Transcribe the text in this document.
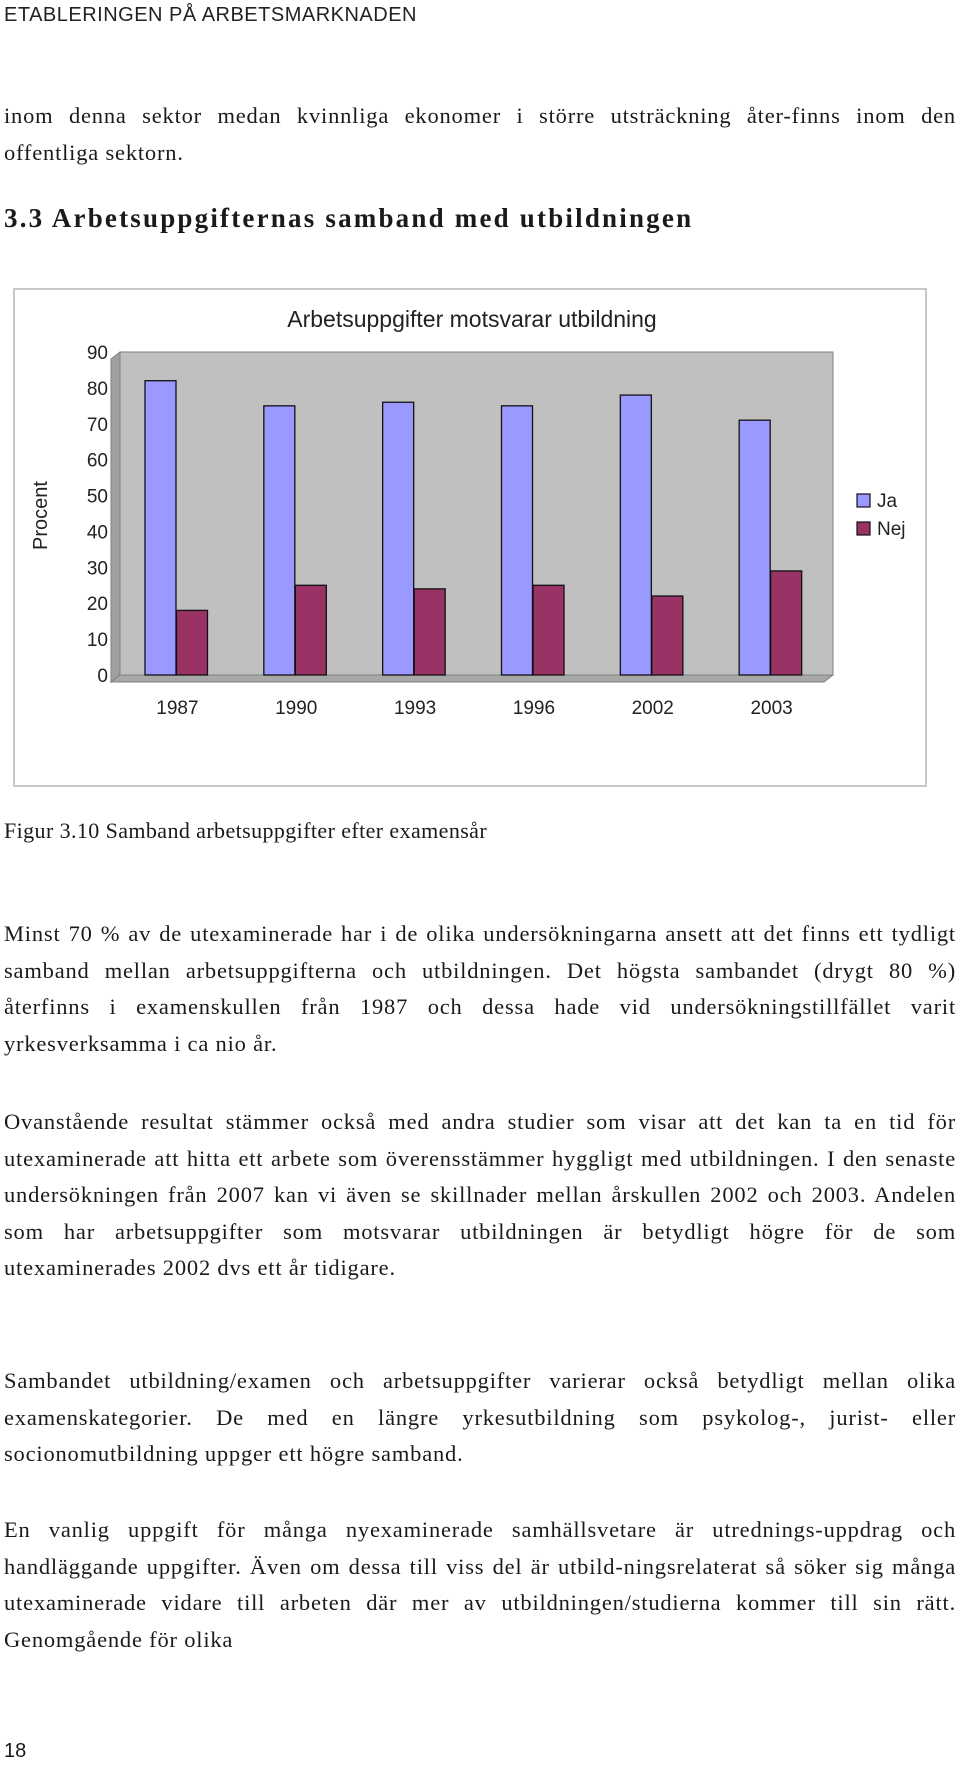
ETABLERINGEN PÅ ARBETSMARKNADEN

inom denna sektor medan kvinnliga ekonomer i större utsträckning åter-finns inom den offentliga sektorn.

3.3 Arbetsuppgifternas samband med utbildningen
Arbetsuppgifter motsvarar utbildning
0
10
20
30
40
50
60
70
80
90
Procent
1987	1990	1993	1996	2002	2003
Ja
Nej
Figur 3.10 Samband arbetsuppgifter efter examensår

Minst 70 % av de utexaminerade har i de olika undersökningarna ansett att det finns ett tydligt samband mellan arbetsuppgifterna och utbildningen. Det högsta sambandet (drygt 80 %) återfinns i examenskullen från 1987 och dessa hade vid undersökningstillfället varit yrkesverksamma i ca nio år.

Ovanstående resultat stämmer också med andra studier som visar att det kan ta en tid för utexaminerade att hitta ett arbete som överensstämmer hyggligt med utbildningen. I den senaste undersökningen från 2007 kan vi även se skillnader mellan årskullen 2002 och 2003. Andelen som har arbetsuppgifter som motsvarar utbildningen är betydligt högre för de som utexaminerades 2002 dvs ett år tidigare.

Sambandet utbildning/examen och arbetsuppgifter varierar också betydligt mellan olika examenskategorier. De med en längre yrkesutbildning som psykolog-, jurist- eller socionomutbildning uppger ett högre samband.

En vanlig uppgift för många nyexaminerade samhällsvetare är utrednings-uppdrag och handläggande uppgifter. Även om dessa till viss del är utbild-ningsrelaterat så söker sig många utexaminerade vidare till arbeten där mer av utbildningen/studierna kommer till sin rätt. Genomgående för olika

18
